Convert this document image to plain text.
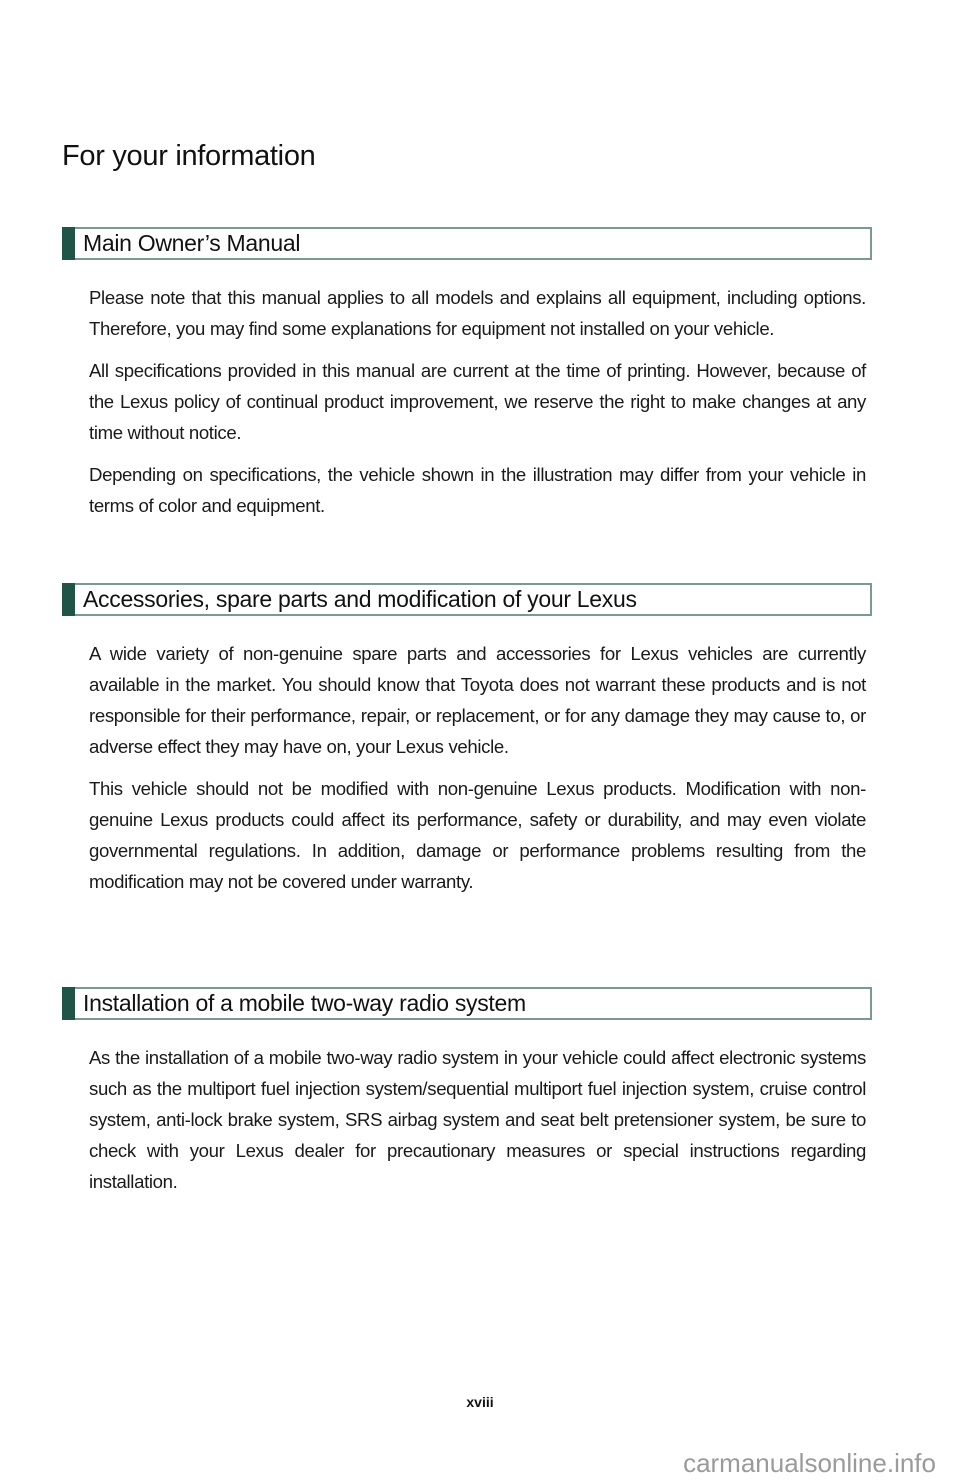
For your information
Main Owner’s Manual

Please note that this manual applies to all models and explains all equipment, including options. Therefore, you may find some explanations for equipment not installed on your vehicle.

All specifications provided in this manual are current at the time of printing. However, because of the Lexus policy of continual product improvement, we reserve the right to make changes at any time without notice.

Depending on specifications, the vehicle shown in the illustration may differ from your vehicle in terms of color and equipment.

Accessories, spare parts and modification of your Lexus

A wide variety of non-genuine spare parts and accessories for Lexus vehicles are currently available in the market. You should know that Toyota does not warrant these products and is not responsible for their performance, repair, or replacement, or for any damage they may cause to, or adverse effect they may have on, your Lexus vehicle.

This vehicle should not be modified with non-genuine Lexus products. Modification with non-genuine Lexus products could affect its performance, safety or durability, and may even violate governmental regulations. In addition, damage or performance problems resulting from the modification may not be covered under warranty.

Installation of a mobile two-way radio system

As the installation of a mobile two-way radio system in your vehicle could affect electronic systems such as the multiport fuel injection system/sequential multiport fuel injection system, cruise control system, anti-lock brake system, SRS airbag system and seat belt pretensioner system, be sure to check with your Lexus dealer for precautionary measures or special instructions regarding installation.

xviii
carmanualsonline.info
